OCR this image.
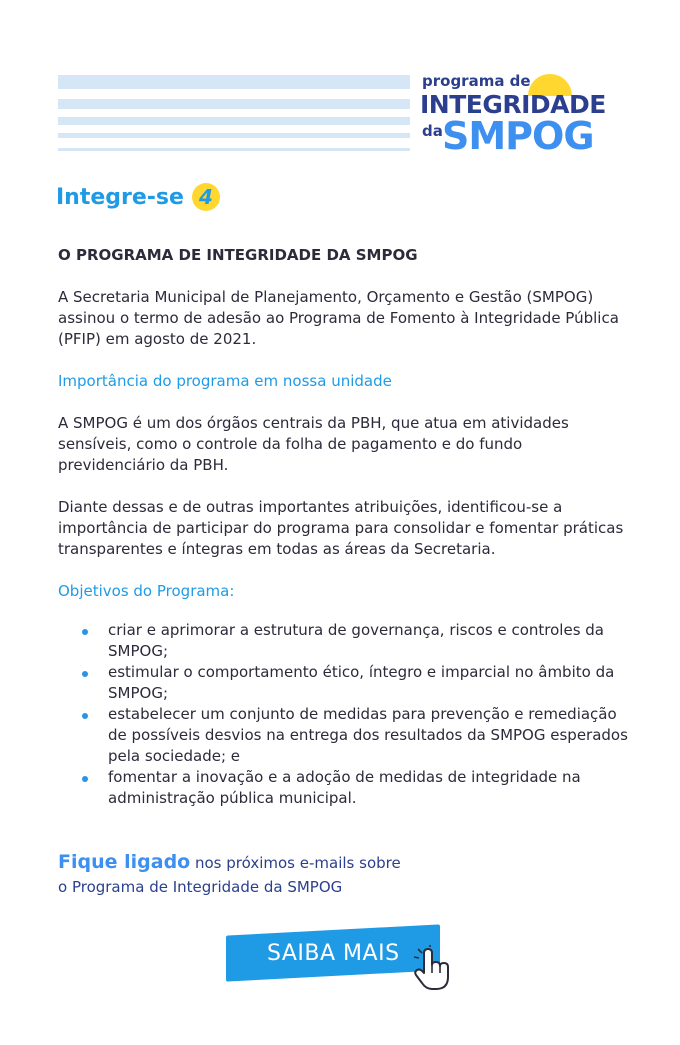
programa de
INTEGRIDADE
da SMPOG
Integre-se 4
O PROGRAMA DE INTEGRIDADE DA SMPOG

A Secretaria Municipal de Planejamento, Orçamento e Gestão (SMPOG) assinou o termo de adesão ao Programa de Fomento à Integridade Pública (PFIP) em agosto de 2021.

Importância do programa em nossa unidade

A SMPOG é um dos órgãos centrais da PBH, que atua em atividades sensíveis, como o controle da folha de pagamento e do fundo previdenciário da PBH.

Diante dessas e de outras importantes atribuições, identificou-se a importância de participar do programa para consolidar e fomentar práticas transparentes e íntegras em todas as áreas da Secretaria.

Objetivos do Programa:
criar e aprimorar a estrutura de governança, riscos e controles da SMPOG;
estimular o comportamento ético, íntegro e imparcial no âmbito da SMPOG;
estabelecer um conjunto de medidas para prevenção e remediação de possíveis desvios na entrega dos resultados da SMPOG esperados pela sociedade; e
fomentar a inovação e a adoção de medidas de integridade na administração pública municipal.
Fique ligado nos próximos e-mails sobre
o Programa de Integridade da SMPOG
SAIBA MAIS
